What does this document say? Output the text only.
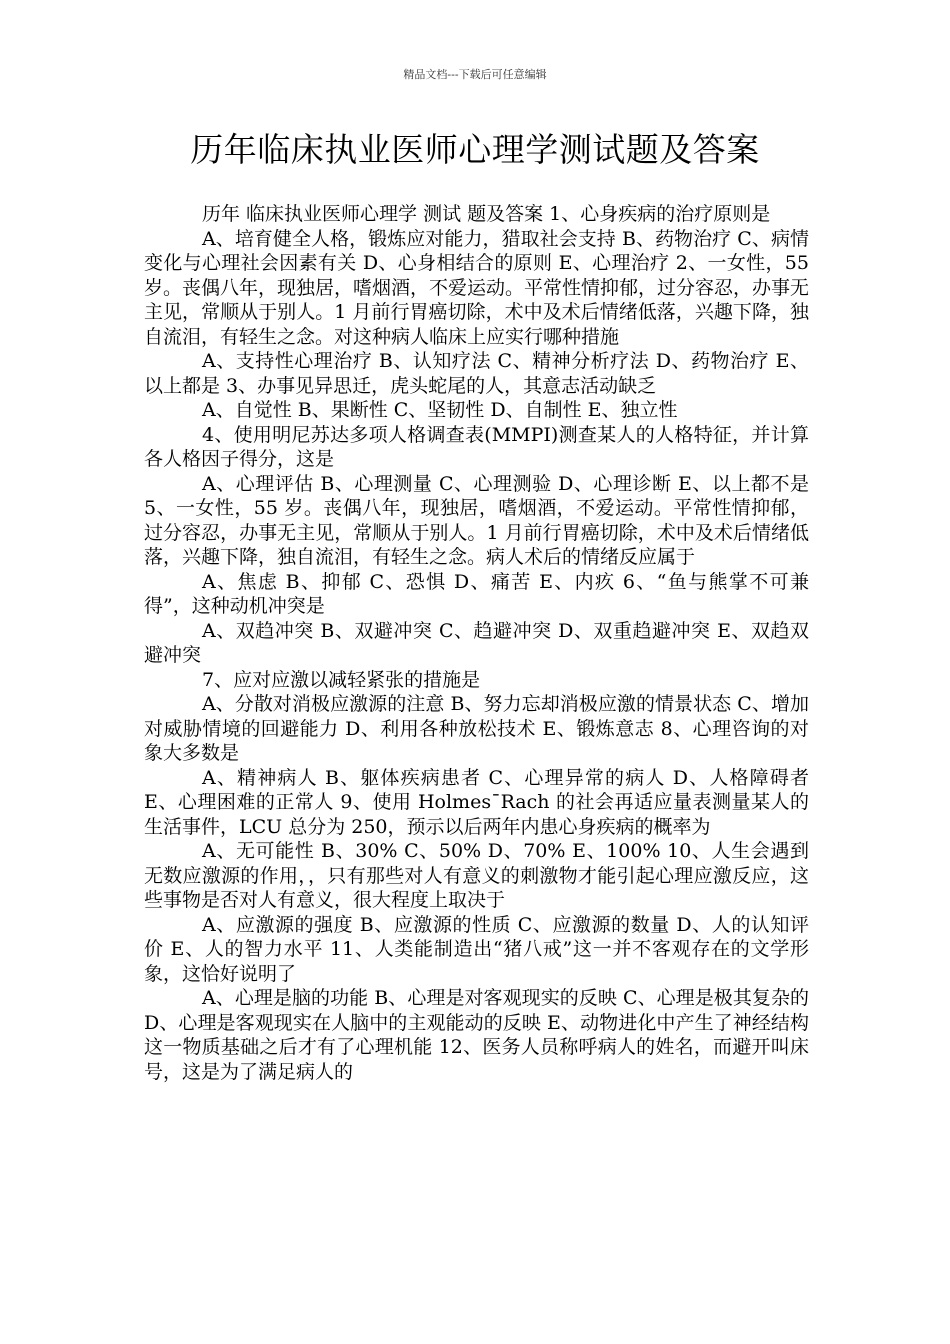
精品文档---下载后可任意编辑
历年临床执业医师心理学测试题及答案

历年 临床执业医师心理学 测试 题及答案 1、心身疾病的治疗原则是

A、培育健全人格，锻炼应对能力，猎取社会支持 B、药物治疗 C、病情变化与心理社会因素有关 D、心身相结合的原则 E、心理治疗 2、一女性，55 岁。丧偶八年，现独居，嗜烟酒，不爱运动。平常性情抑郁，过分容忍，办事无主见，常顺从于别人。1 月前行胃癌切除，术中及术后情绪低落，兴趣下降，独自流泪，有轻生之念。对这种病人临床上应实行哪种措施

A、支持性心理治疗 B、认知疗法 C、精神分析疗法 D、药物治疗 E、以上都是 3、办事见异思迁，虎头蛇尾的人，其意志活动缺乏

A、自觉性 B、果断性 C、坚韧性 D、自制性 E、独立性

4、使用明尼苏达多项人格调查表(MMPI)测查某人的人格特征，并计算各人格因子得分，这是

A、心理评估 B、心理测量 C、心理测验 D、心理诊断 E、以上都不是 5、一女性，55 岁。丧偶八年，现独居，嗜烟酒，不爱运动。平常性情抑郁，过分容忍，办事无主见，常顺从于别人。1 月前行胃癌切除，术中及术后情绪低落，兴趣下降，独自流泪，有轻生之念。病人术后的情绪反应属于

A、焦虑 B、抑郁 C、恐惧 D、痛苦 E、内疚 6、“鱼与熊掌不可兼得”，这种动机冲突是

A、双趋冲突 B、双避冲突 C、趋避冲突 D、双重趋避冲突 E、双趋双避冲突

7、应对应激以减轻紧张的措施是

A、分散对消极应激源的注意 B、努力忘却消极应激的情景状态 C、增加对威胁情境的回避能力 D、利用各种放松技术 E、锻炼意志 8、心理咨询的对象大多数是

A、精神病人 B、躯体疾病患者 C、心理异常的病人 D、人格障碍者 E、心理困难的正常人 9、使用 Holmes¯Rach 的社会再适应量表测量某人的生活事件，LCU 总分为 250，预示以后两年内患心身疾病的概率为

A、无可能性 B、30% C、50% D、70% E、100% 10、人生会遇到无数应激源的作用，，只有那些对人有意义的刺激物才能引起心理应激反应，这些事物是否对人有意义，很大程度上取决于

A、应激源的强度 B、应激源的性质 C、应激源的数量 D、人的认知评价 E、人的智力水平 11、人类能制造出“猪八戒”这一并不客观存在的文学形象，这恰好说明了

A、心理是脑的功能 B、心理是对客观现实的反映 C、心理是极其复杂的 D、心理是客观现实在人脑中的主观能动的反映 E、动物进化中产生了神经结构这一物质基础之后才有了心理机能 12、医务人员称呼病人的姓名，而避开叫床号，这是为了满足病人的
